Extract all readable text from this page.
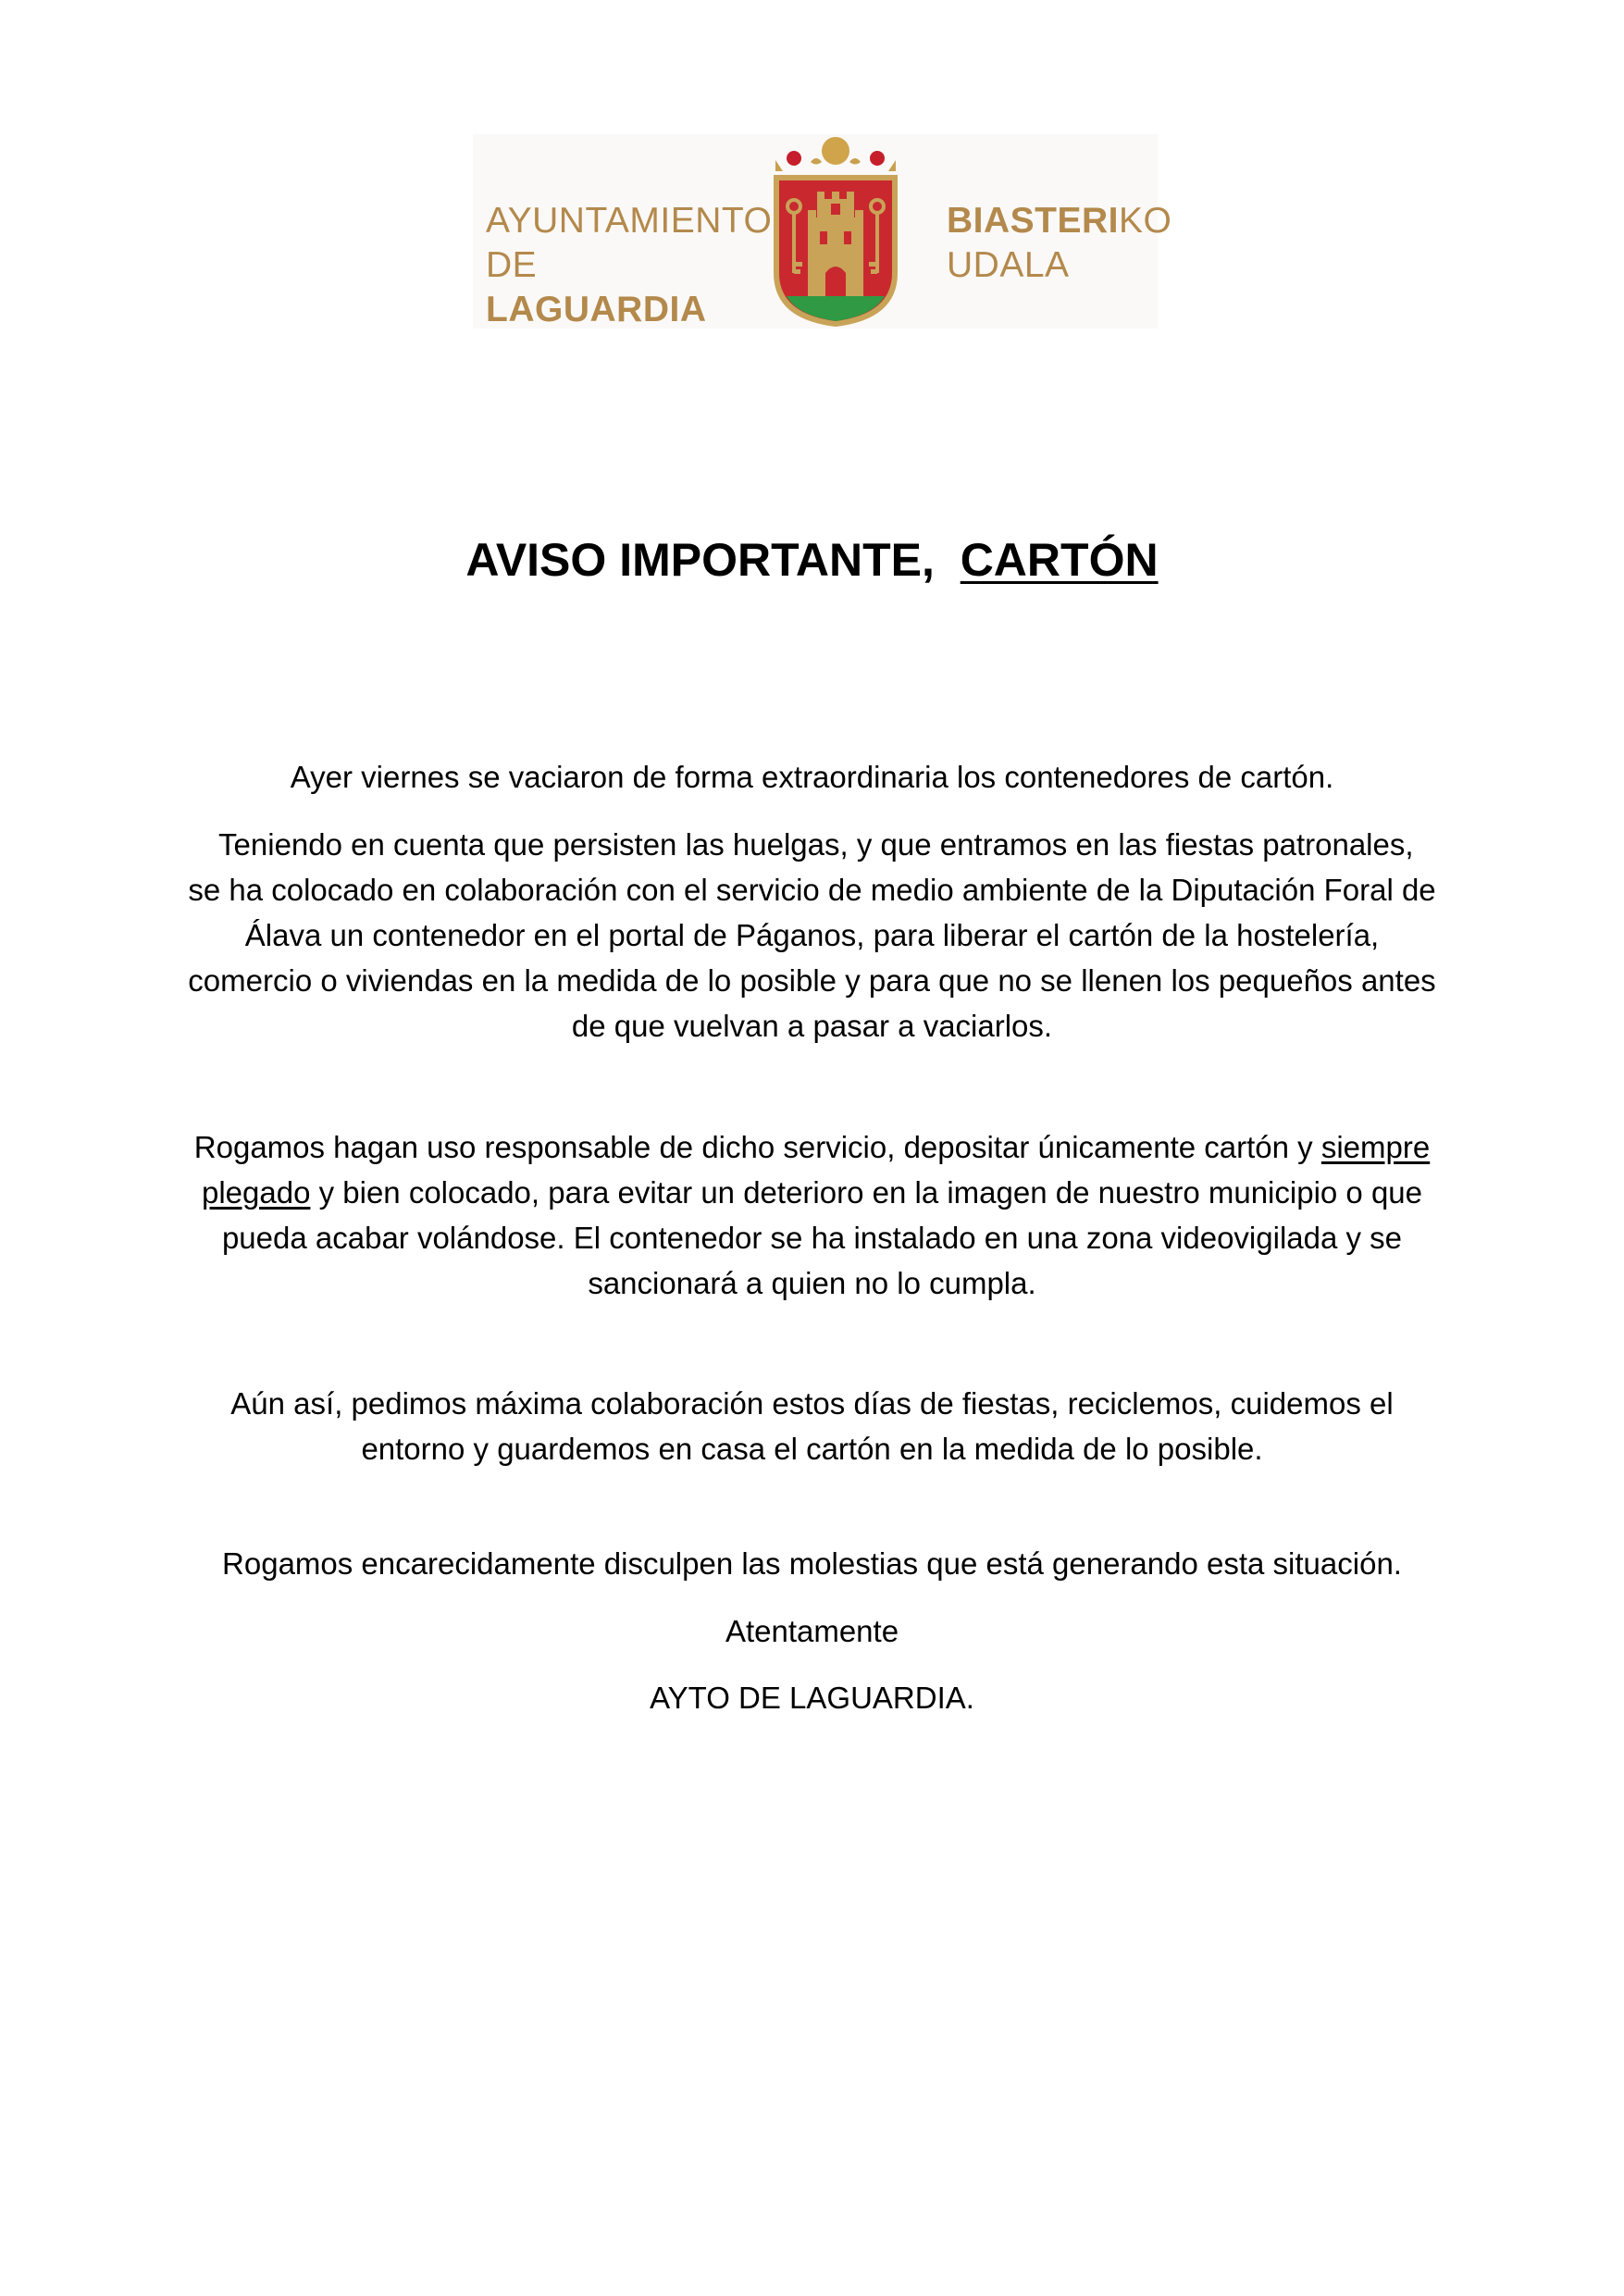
AYUNTAMIENTO
DE LAGUARDIA
BIASTERIKO
UDALA
AVISO IMPORTANTE,  CARTÓN
Ayer viernes se vaciaron de forma extraordinaria los contenedores de cartón.
Teniendo en cuenta que persisten las huelgas, y que entramos en las fiestas patronales,
se ha colocado en colaboración con el servicio de medio ambiente de la Diputación Foral de
Álava un contenedor en el portal de Páganos, para liberar el cartón de la hostelería,
comercio o viviendas en la medida de lo posible y para que no se llenen los pequeños antes
de que vuelvan a pasar a vaciarlos.
Rogamos hagan uso responsable de dicho servicio, depositar únicamente cartón y siempre
plegado y bien colocado, para evitar un deterioro en la imagen de nuestro municipio o que
pueda acabar volándose. El contenedor se ha instalado en una zona videovigilada y se
sancionará a quien no lo cumpla.
Aún así, pedimos máxima colaboración estos días de fiestas, reciclemos, cuidemos el
entorno y guardemos en casa el cartón en la medida de lo posible.
Rogamos encarecidamente disculpen las molestias que está generando esta situación.
Atentamente
AYTO DE LAGUARDIA.
